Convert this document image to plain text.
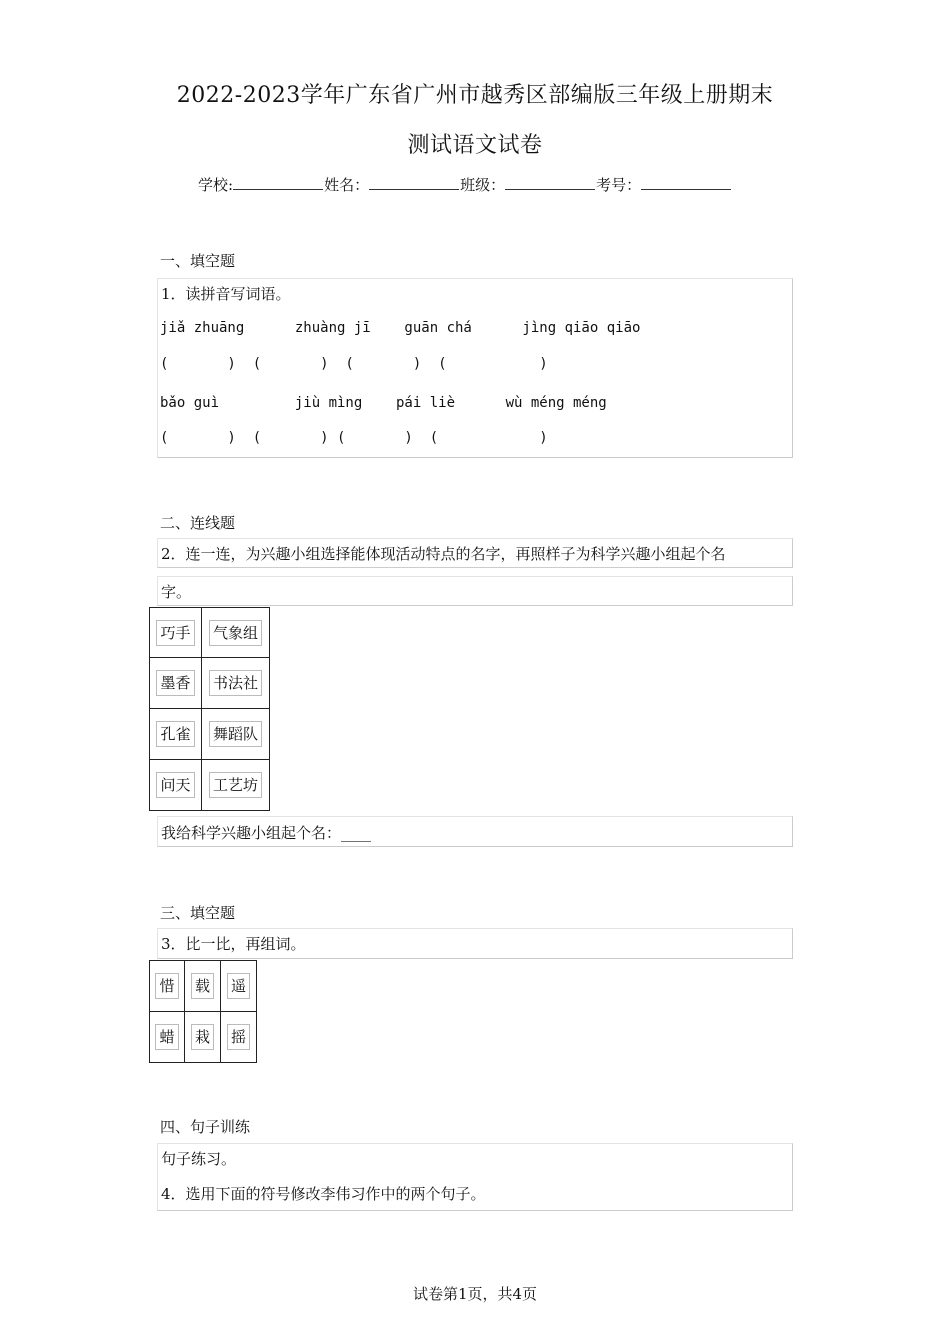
2022-2023学年广东省广州市越秀区部编版三年级上册期末
测试语文试卷
学校:	姓名：	班级：	考号：
一、填空题
1．读拼音写词语。
jiǎ zhuāng      zhuàng jī    guān chá      jìng qiāo qiāo
(       )  (       )  (       )  (           )
bǎo guì         jiù mìng    pái liè      wù méng méng
(       )  (       ) (       )  (            )
二、连线题
2．连一连，为兴趣小组选择能体现活动特点的名字，再照样子为科学兴趣小组起个名
字。
巧手	气象组
墨香	书法社
孔雀	舞蹈队
问天	工艺坊
我给科学兴趣小组起个名：____
三、填空题
3．比一比，再组词。
惜	载	遥
蜡	栽	摇
四、句子训练
句子练习。
4．选用下面的符号修改李伟习作中的两个句子。
试卷第1页，共4页
